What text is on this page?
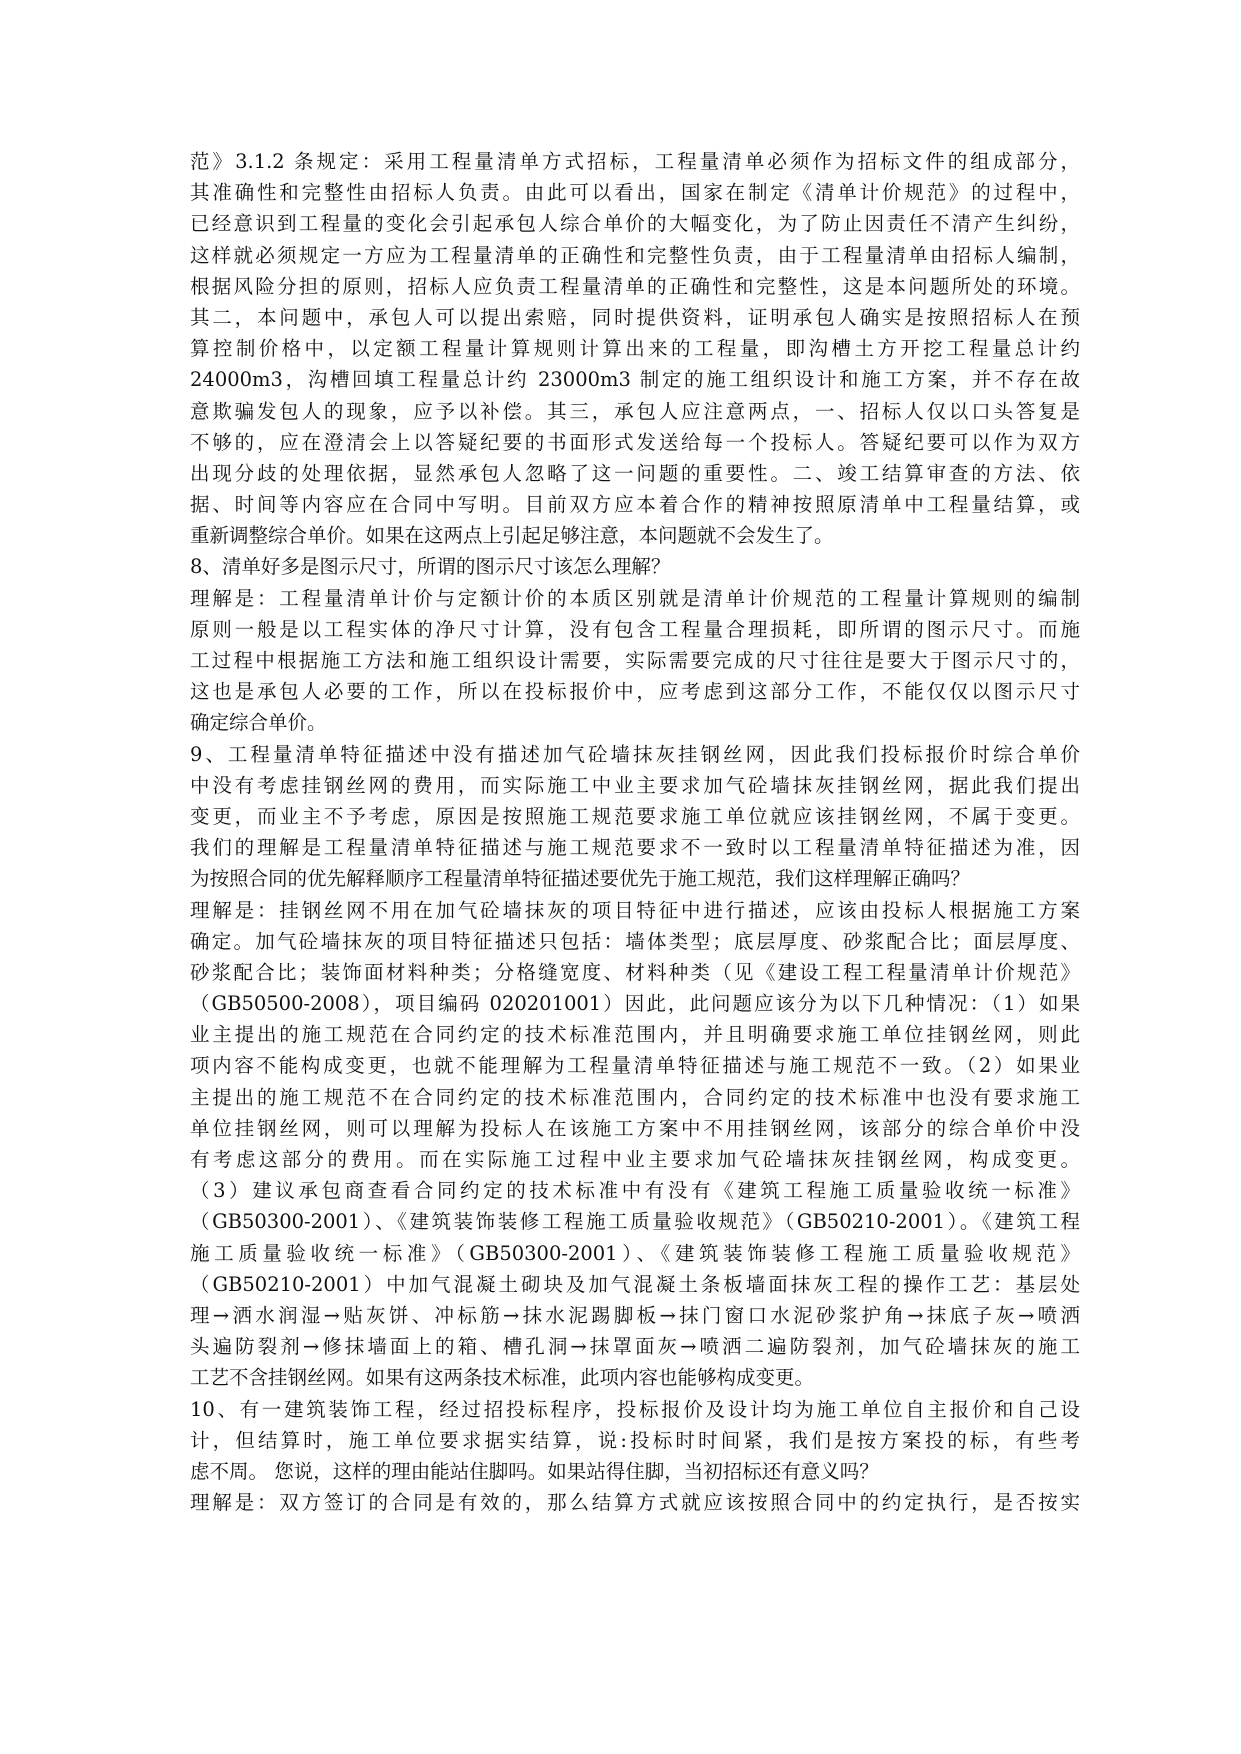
范》3.1.2 条规定：采用工程量清单方式招标，工程量清单必须作为招标文件的组成部分，
其准确性和完整性由招标人负责。由此可以看出，国家在制定《清单计价规范》的过程中，
已经意识到工程量的变化会引起承包人综合单价的大幅变化，为了防止因责任不清产生纠纷，
这样就必须规定一方应为工程量清单的正确性和完整性负责，由于工程量清单由招标人编制，
根据风险分担的原则，招标人应负责工程量清单的正确性和完整性，这是本问题所处的环境。
其二，本问题中，承包人可以提出索赔，同时提供资料，证明承包人确实是按照招标人在预
算控制价格中，以定额工程量计算规则计算出来的工程量，即沟槽土方开挖工程量总计约
24000m3，沟槽回填工程量总计约 23000m3 制定的施工组织设计和施工方案，并不存在故
意欺骗发包人的现象，应予以补偿。其三，承包人应注意两点，一、招标人仅以口头答复是
不够的，应在澄清会上以答疑纪要的书面形式发送给每一个投标人。答疑纪要可以作为双方
出现分歧的处理依据，显然承包人忽略了这一问题的重要性。二、竣工结算审查的方法、依
据、时间等内容应在合同中写明。目前双方应本着合作的精神按照原清单中工程量结算，或
重新调整综合单价。如果在这两点上引起足够注意，本问题就不会发生了。
8、清单好多是图示尺寸，所谓的图示尺寸该怎么理解？
理解是：工程量清单计价与定额计价的本质区别就是清单计价规范的工程量计算规则的编制
原则一般是以工程实体的净尺寸计算，没有包含工程量合理损耗，即所谓的图示尺寸。而施
工过程中根据施工方法和施工组织设计需要，实际需要完成的尺寸往往是要大于图示尺寸的，
这也是承包人必要的工作，所以在投标报价中，应考虑到这部分工作，不能仅仅以图示尺寸
确定综合单价。
9、工程量清单特征描述中没有描述加气砼墙抹灰挂钢丝网，因此我们投标报价时综合单价
中没有考虑挂钢丝网的费用，而实际施工中业主要求加气砼墙抹灰挂钢丝网，据此我们提出
变更，而业主不予考虑，原因是按照施工规范要求施工单位就应该挂钢丝网，不属于变更。
我们的理解是工程量清单特征描述与施工规范要求不一致时以工程量清单特征描述为准，因
为按照合同的优先解释顺序工程量清单特征描述要优先于施工规范，我们这样理解正确吗？
理解是：挂钢丝网不用在加气砼墙抹灰的项目特征中进行描述，应该由投标人根据施工方案
确定。加气砼墙抹灰的项目特征描述只包括：墙体类型；底层厚度、砂浆配合比；面层厚度、
砂浆配合比；装饰面材料种类；分格缝宽度、材料种类（见《建设工程工程量清单计价规范》
（GB50500-2008），项目编码 020201001）因此，此问题应该分为以下几种情况：（1）如果
业主提出的施工规范在合同约定的技术标准范围内，并且明确要求施工单位挂钢丝网，则此
项内容不能构成变更，也就不能理解为工程量清单特征描述与施工规范不一致。（2）如果业
主提出的施工规范不在合同约定的技术标准范围内，合同约定的技术标准中也没有要求施工
单位挂钢丝网，则可以理解为投标人在该施工方案中不用挂钢丝网，该部分的综合单价中没
有考虑这部分的费用。而在实际施工过程中业主要求加气砼墙抹灰挂钢丝网，构成变更。
（3）建议承包商查看合同约定的技术标准中有没有《建筑工程施工质量验收统一标准》
（GB50300-2001）、《建筑装饰装修工程施工质量验收规范》（GB50210-2001）。《建筑工程
施工质量验收统一标准》（GB50300-2001）、《建筑装饰装修工程施工质量验收规范》
（GB50210-2001）中加气混凝土砌块及加气混凝土条板墙面抹灰工程的操作工艺：基层处
理→洒水润湿→贴灰饼、冲标筋→抹水泥踢脚板→抹门窗口水泥砂浆护角→抹底子灰→喷洒
头遍防裂剂→修抹墙面上的箱、槽孔洞→抹罩面灰→喷洒二遍防裂剂，加气砼墙抹灰的施工
工艺不含挂钢丝网。如果有这两条技术标准，此项内容也能够构成变更。
10、有一建筑装饰工程，经过招投标程序，投标报价及设计均为施工单位自主报价和自己设
计，但结算时，施工单位要求据实结算，说:投标时时间紧，我们是按方案投的标，有些考
虑不周。 您说，这样的理由能站住脚吗。如果站得住脚，当初招标还有意义吗？
理解是：双方签订的合同是有效的，那么结算方式就应该按照合同中的约定执行，是否按实
